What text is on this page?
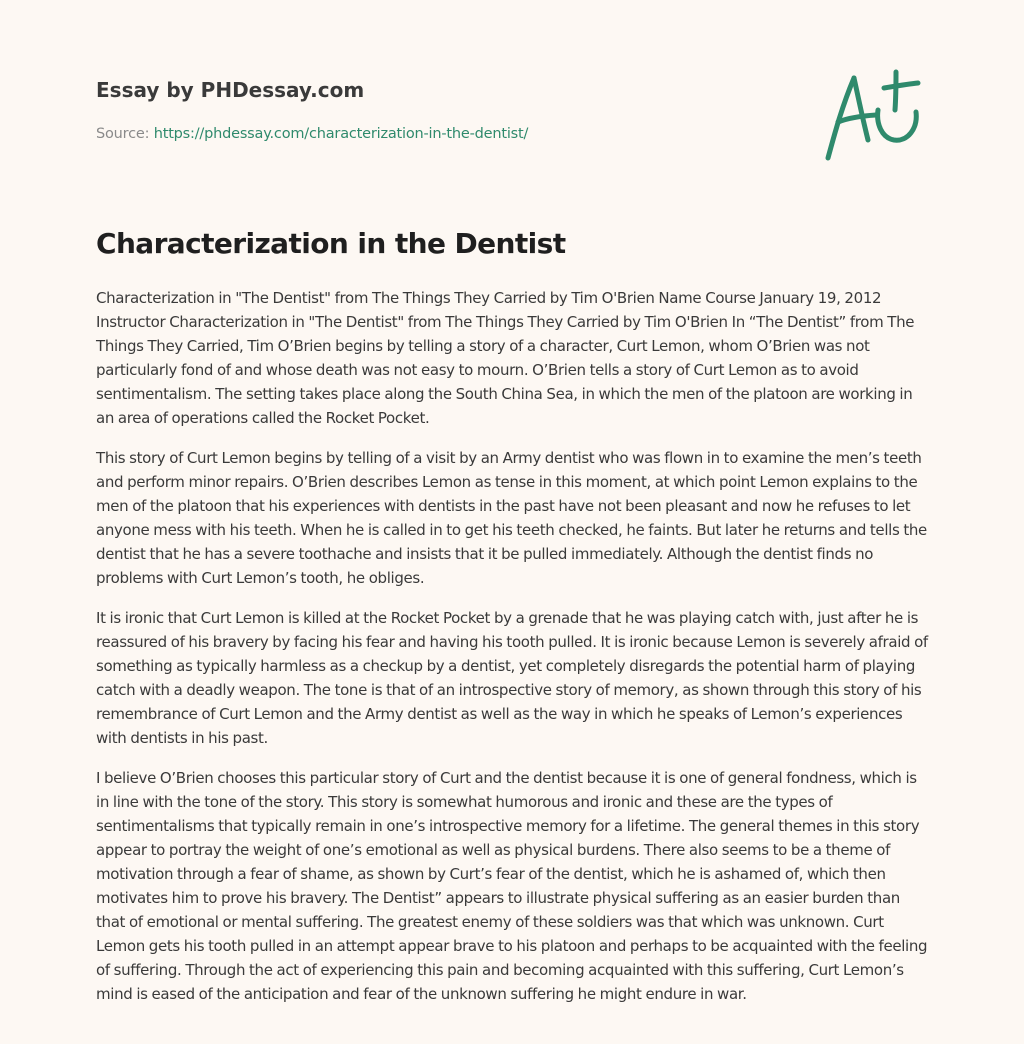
Essay by PHDessay.com
Source: https://phdessay.com/characterization-in-the-dentist/
Characterization in the Dentist

Characterization in "The Dentist" from The Things They Carried by Tim O'Brien Name Course January 19, 2012 Instructor Characterization in "The Dentist" from The Things They Carried by Tim O'Brien In “The Dentist” from The Things They Carried, Tim O’Brien begins by telling a story of a character, Curt Lemon, whom O’Brien was not particularly fond of and whose death was not easy to mourn. O’Brien tells a story of Curt Lemon as to avoid sentimentalism. The setting takes place along the South China Sea, in which the men of the platoon are working in an area of operations called the Rocket Pocket.

This story of Curt Lemon begins by telling of a visit by an Army dentist who was flown in to examine the men’s teeth and perform minor repairs. O’Brien describes Lemon as tense in this moment, at which point Lemon explains to the men of the platoon that his experiences with dentists in the past have not been pleasant and now he refuses to let anyone mess with his teeth. When he is called in to get his teeth checked, he faints. But later he returns and tells the dentist that he has a severe toothache and insists that it be pulled immediately. Although the dentist finds no problems with Curt Lemon’s tooth, he obliges.

It is ironic that Curt Lemon is killed at the Rocket Pocket by a grenade that he was playing catch with, just after he is reassured of his bravery by facing his fear and having his tooth pulled. It is ironic because Lemon is severely afraid of something as typically harmless as a checkup by a dentist, yet completely disregards the potential harm of playing catch with a deadly weapon. The tone is that of an introspective story of memory, as shown through this story of his remembrance of Curt Lemon and the Army dentist as well as the way in which he speaks of Lemon’s experiences with dentists in his past.

I believe O’Brien chooses this particular story of Curt and the dentist because it is one of general fondness, which is in line with the tone of the story. This story is somewhat humorous and ironic and these are the types of sentimentalisms that typically remain in one’s introspective memory for a lifetime. The general themes in this story appear to portray the weight of one’s emotional as well as physical burdens. There also seems to be a theme of motivation through a fear of shame, as shown by Curt’s fear of the dentist, which he is ashamed of, which then motivates him to prove his bravery. The Dentist” appears to illustrate physical suffering as an easier burden than that of emotional or mental suffering. The greatest enemy of these soldiers was that which was unknown. Curt Lemon gets his tooth pulled in an attempt appear brave to his platoon and perhaps to be acquainted with the feeling of suffering. Through the act of experiencing this pain and becoming acquainted with this suffering, Curt Lemon’s mind is eased of the anticipation and fear of the unknown suffering he might endure in war.
